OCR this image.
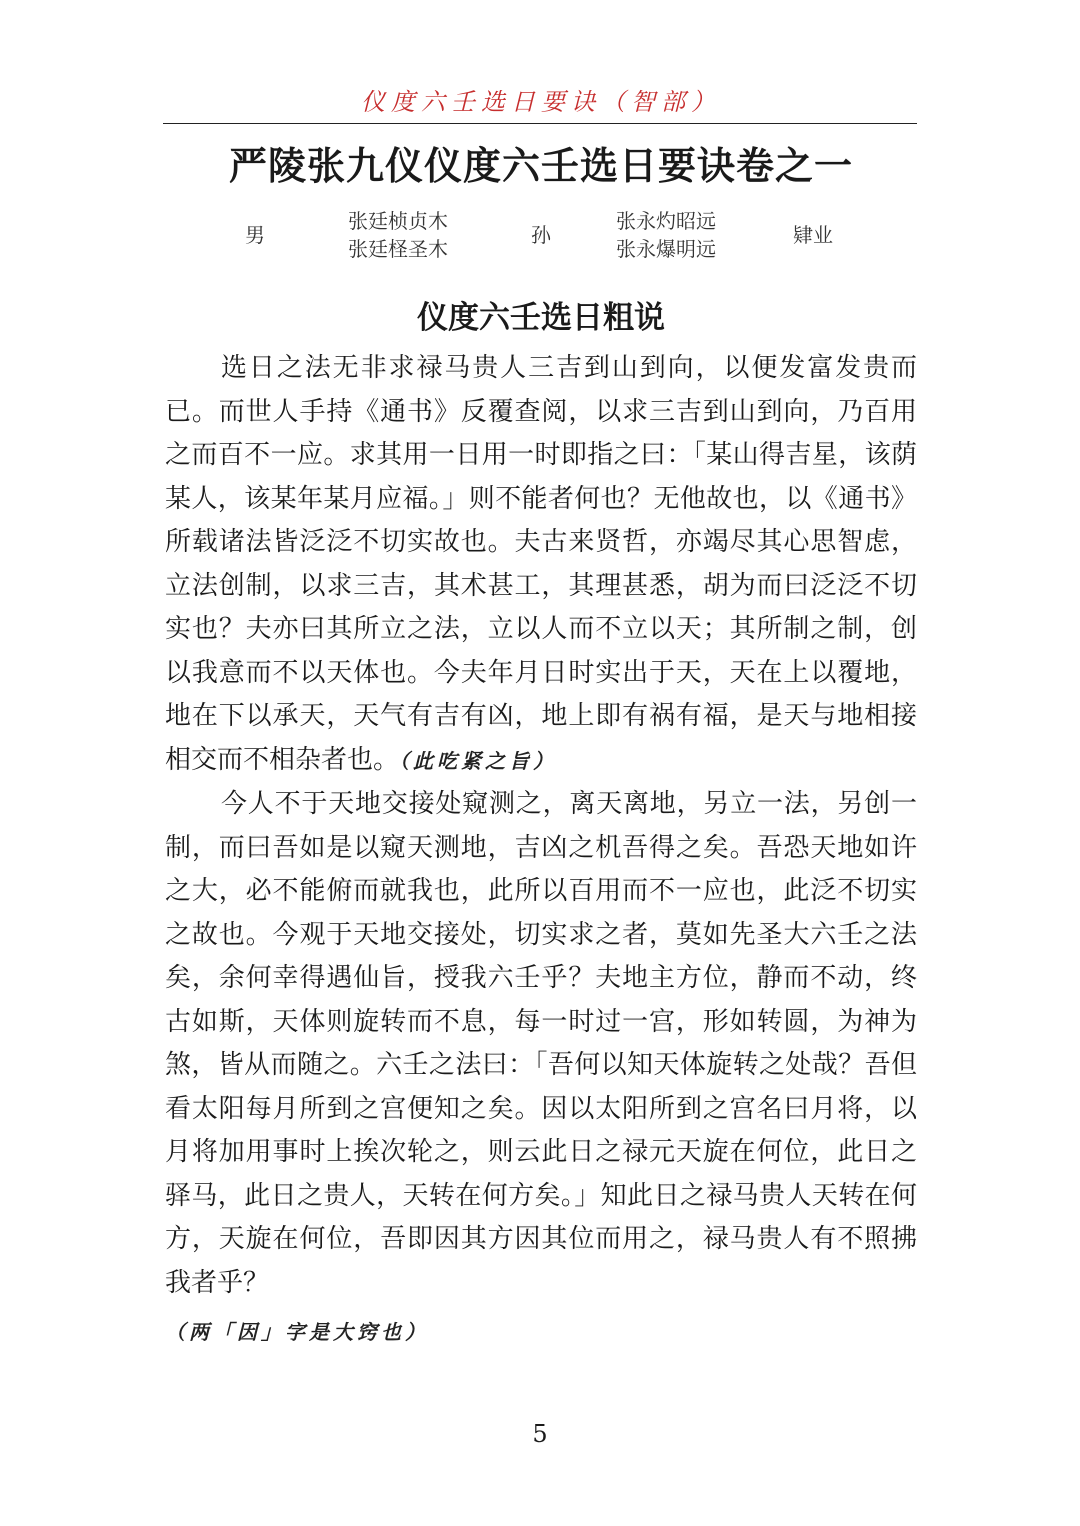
仪度六壬选日要诀（智部）
严陵张九仪仪度六壬选日要诀卷之一
男
张廷桢贞木
张廷柽圣木
孙
张永灼昭远
张永爆明远
肄业
仪度六壬选日粗说

选日之法无非求禄马贵人三吉到山到向，以便发富发贵而已。而世人手持《通书》反覆查阅，以求三吉到山到向，乃百用之而百不一应。求其用一日用一时即指之曰：「某山得吉星，该荫某人，该某年某月应福。」则不能者何也？无他故也，以《通书》所载诸法皆泛泛不切实故也。夫古来贤哲，亦竭尽其心思智虑，立法创制，以求三吉，其术甚工，其理甚悉，胡为而曰泛泛不切实也？夫亦曰其所立之法，立以人而不立以天；其所制之制，创以我意而不以天体也。今夫年月日时实出于天，天在上以覆地，地在下以承天，天气有吉有凶，地上即有祸有福，是天与地相接相交而不相杂者也。（此吃紧之旨）

今人不于天地交接处窥测之，离天离地，另立一法，另创一制，而曰吾如是以窥天测地，吉凶之机吾得之矣。吾恐天地如许之大，必不能俯而就我也，此所以百用而不一应也，此泛不切实之故也。今观于天地交接处，切实求之者，莫如先圣大六壬之法矣，余何幸得遇仙旨，授我六壬乎？夫地主方位，静而不动，终古如斯，天体则旋转而不息，每一时过一宫，形如转圆，为神为煞，皆从而随之。六壬之法曰：「吾何以知天体旋转之处哉？吾但看太阳每月所到之宫便知之矣。因以太阳所到之宫名曰月将，以月将加用事时上挨次轮之，则云此日之禄元天旋在何位，此日之驿马，此日之贵人，天转在何方矣。」知此日之禄马贵人天转在何方，天旋在何位，吾即因其方因其位而用之，禄马贵人有不照拂我者乎？
（两「因」字是大窍也）

5
